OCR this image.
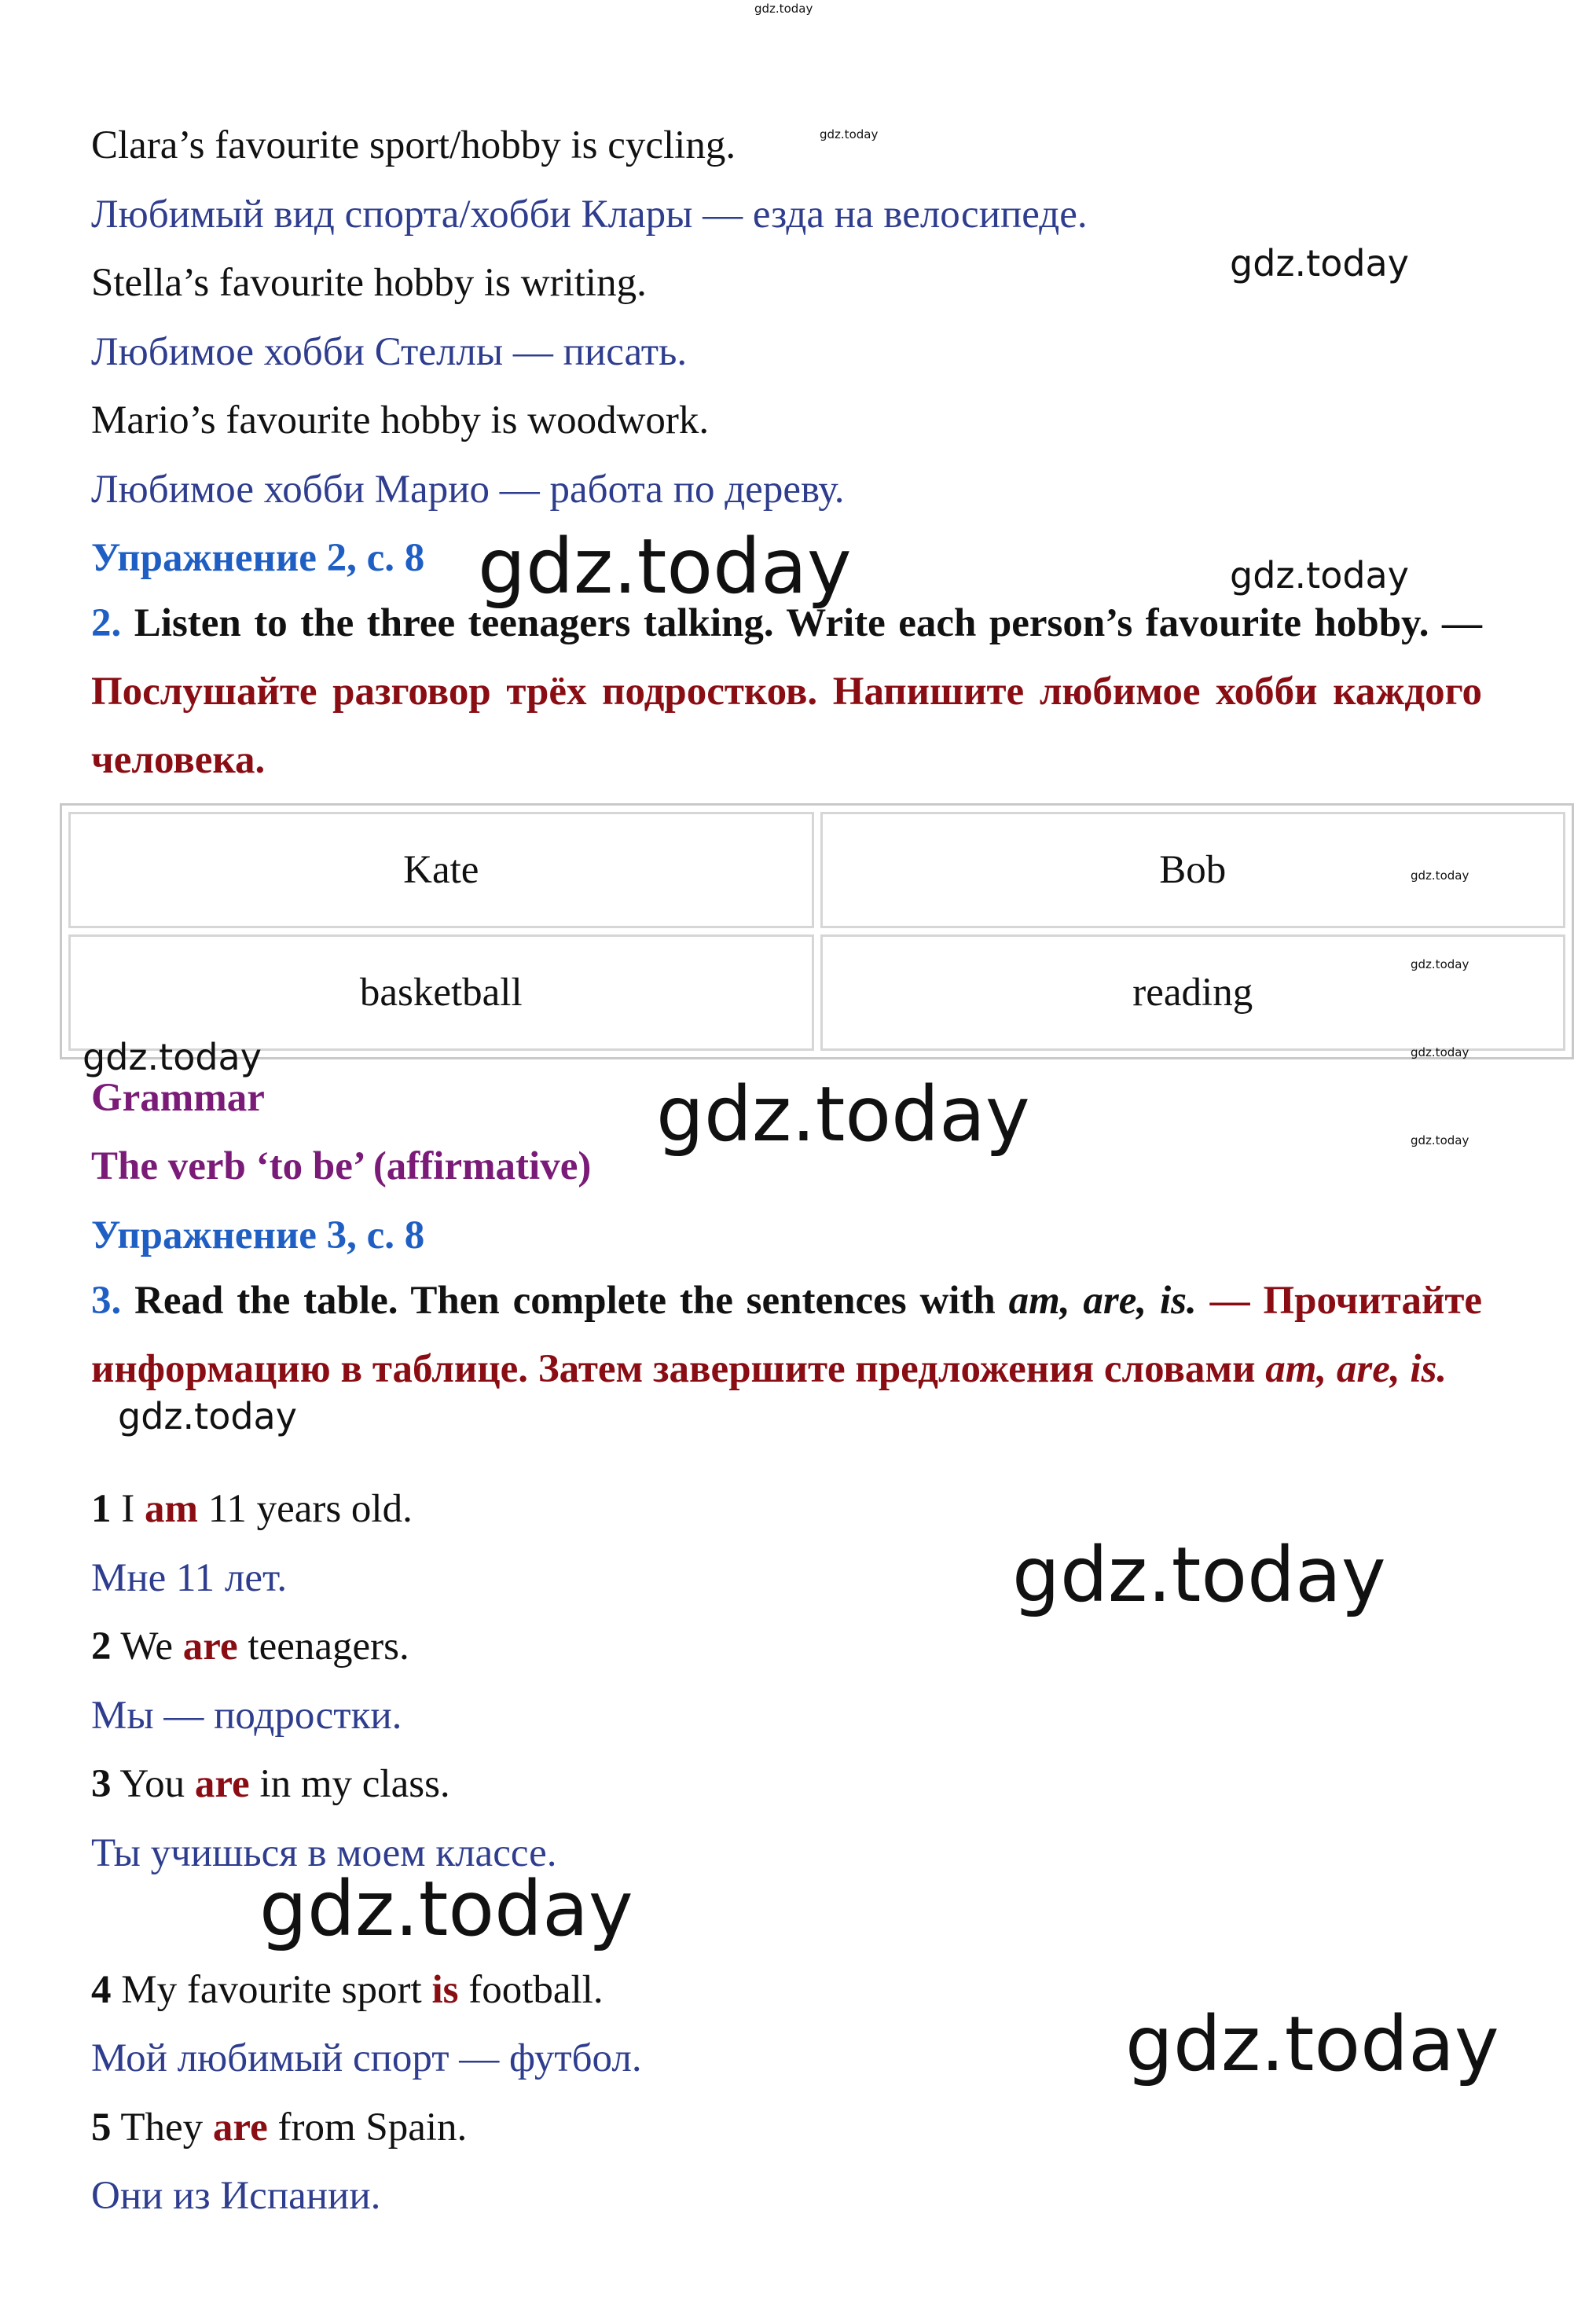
Clara’s favourite sport/hobby is cycling.
Любимый вид спорта/хобби Клары — езда на велосипеде.
Stella’s favourite hobby is writing.
Любимое хобби Стеллы — писать.
Mario’s favourite hobby is woodwork.
Любимое хобби Марио — работа по дереву.
Упражнение 2, с. 8
2. Listen to the three teenagers talking. Write each person’s favourite hobby. — Послушайте разговор трёх подростков. Напишите любимое хобби каждого человека.
Kate	Bob
basketball	reading
Grammar
The verb ‘to be’ (affirmative)
Упражнение 3, с. 8
3. Read the table. Then complete the sentences with am, are, is. — Прочитайте информацию в таблице. Затем завершите предложения словами am, are, is.
1 I am 11 years old.
Мне 11 лет.
2 We are teenagers.
Мы — подростки.
3 You are in my class.
Ты учишься в моем классе.
4 My favourite sport is football.
Мой любимый спорт — футбол.
5 They are from Spain.
Они из Испании.
gdz.today
gdz.today
gdz.today
gdz.today	gdz.today
gdz.today
gdz.today
gdz.today	gdz.today
gdz.today	gdz.today
gdz.today
gdz.today
gdz.today
gdz.today
